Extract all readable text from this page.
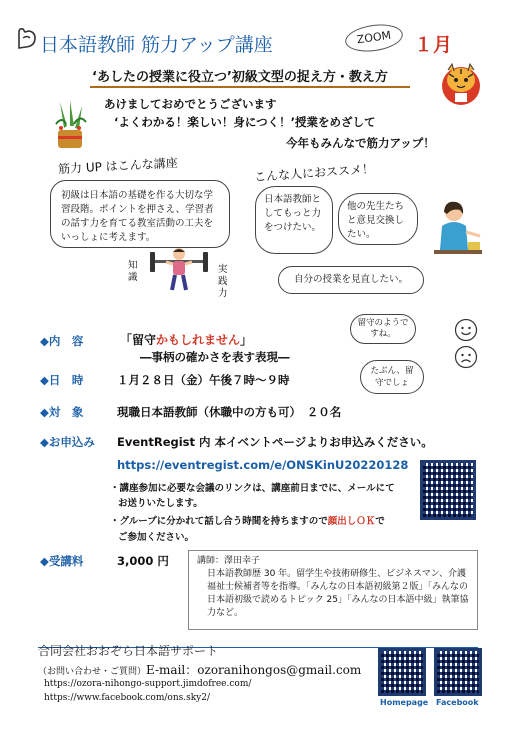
日本語教師 筋力アップ講座	ZOOM	１月
‘あしたの授業に役立つ’初級文型の捉え方・教え方
あけましておめでとうございます
‘よくわかる！楽しい！身につく！’授業をめざして
今年もみんなで筋力アップ！
筋力 UP はこんな講座
初級は日本語の基礎を作る大切な学習段階。ポイントを押さえ、学習者の話す力を育てる教室活動の工夫をいっしょに考えます。
知識
実践力
こんな人におススメ！
日本語教師としてもっと力をつけたい。
他の先生たちと意見交換したい。
自分の授業を見直したい。
留守のようですね。
たぶん、留守でしょ
◆内　容	「留守かもしれません」
―事柄の確かさを表す表現―
◆日　時	１月２８日（金）午後７時～９時
◆対　象	現職日本語教師（休職中の方も可）　２０名
◆お申込み EventRegist 内 本イベントページよりお申込みください。
https://eventregist.com/e/ONSKinU20220128
・講座参加に必要な会議のリンクは、講座前日までに、メールにて
お送りいたします。
・グループに分かれて話し合う時間を持ちますので顔出しＯＫで
ご参加ください。
◆受講料	3,000 円	講師：澤田幸子
日本語教師歴 30 年。留学生や技術研修生、ビジネスマン、介護福祉士候補者等を指導。「みんなの日本語初級第２版」「みんなの日本語初級で読めるトピック 25」「みんなの日本語中級」執筆協力など。
合同会社おおぞら日本語サポート
（お問い合わせ・ご質問）E-mail：ozoranihongos@gmail.com
https://ozora-nihongo-support.jimdofree.com/
https://www.facebook.com/ons.sky2/	Homepage Facebook
